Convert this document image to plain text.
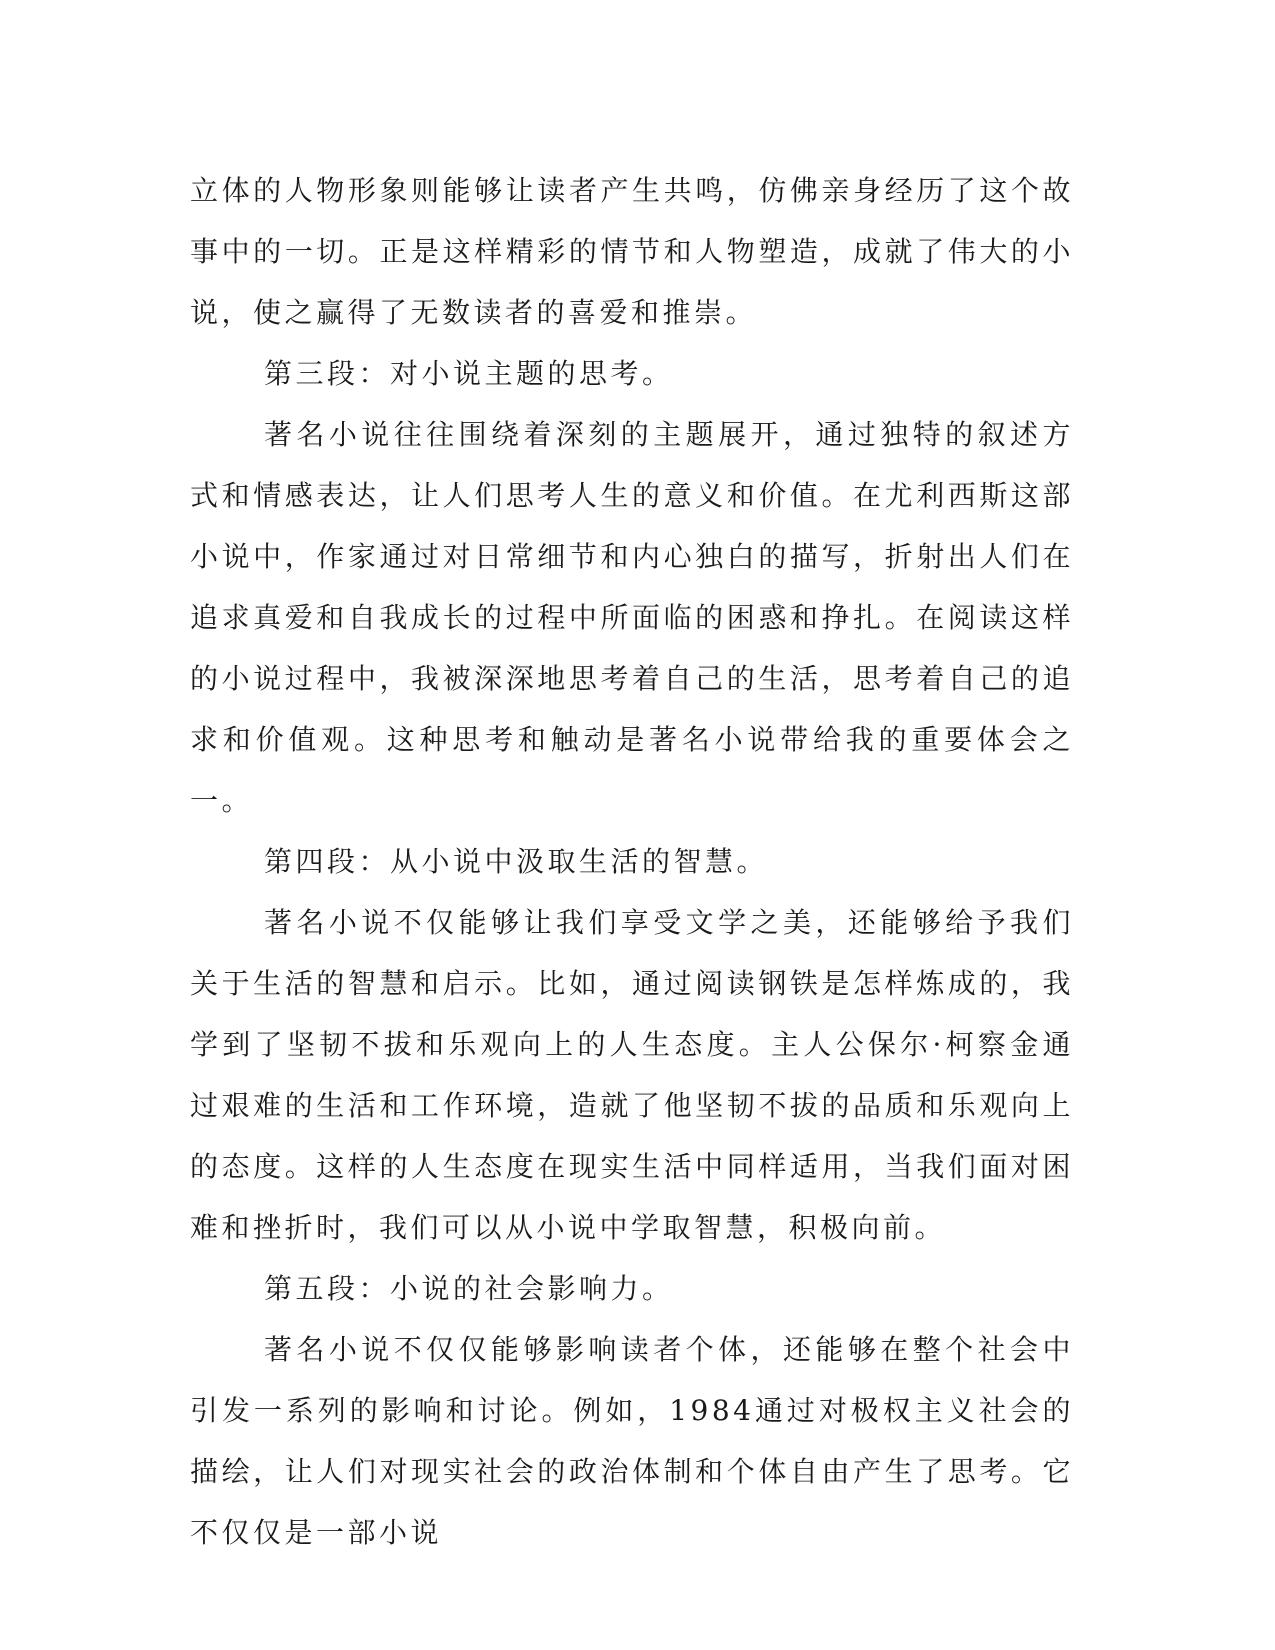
立体的人物形象则能够让读者产生共鸣，仿佛亲身经历了这个故事中的一切。正是这样精彩的情节和人物塑造，成就了伟大的小说，使之赢得了无数读者的喜爱和推崇。

第三段：对小说主题的思考。

著名小说往往围绕着深刻的主题展开，通过独特的叙述方式和情感表达，让人们思考人生的意义和价值。在尤利西斯这部小说中，作家通过对日常细节和内心独白的描写，折射出人们在追求真爱和自我成长的过程中所面临的困惑和挣扎。在阅读这样的小说过程中，我被深深地思考着自己的生活，思考着自己的追求和价值观。这种思考和触动是著名小说带给我的重要体会之一。

第四段：从小说中汲取生活的智慧。

著名小说不仅能够让我们享受文学之美，还能够给予我们关于生活的智慧和启示。比如，通过阅读钢铁是怎样炼成的，我学到了坚韧不拔和乐观向上的人生态度。主人公保尔·柯察金通过艰难的生活和工作环境，造就了他坚韧不拔的品质和乐观向上的态度。这样的人生态度在现实生活中同样适用，当我们面对困难和挫折时，我们可以从小说中学取智慧，积极向前。

第五段：小说的社会影响力。

著名小说不仅仅能够影响读者个体，还能够在整个社会中引发一系列的影响和讨论。例如，1984通过对极权主义社会的描绘，让人们对现实社会的政治体制和个体自由产生了思考。它不仅仅是一部小说
